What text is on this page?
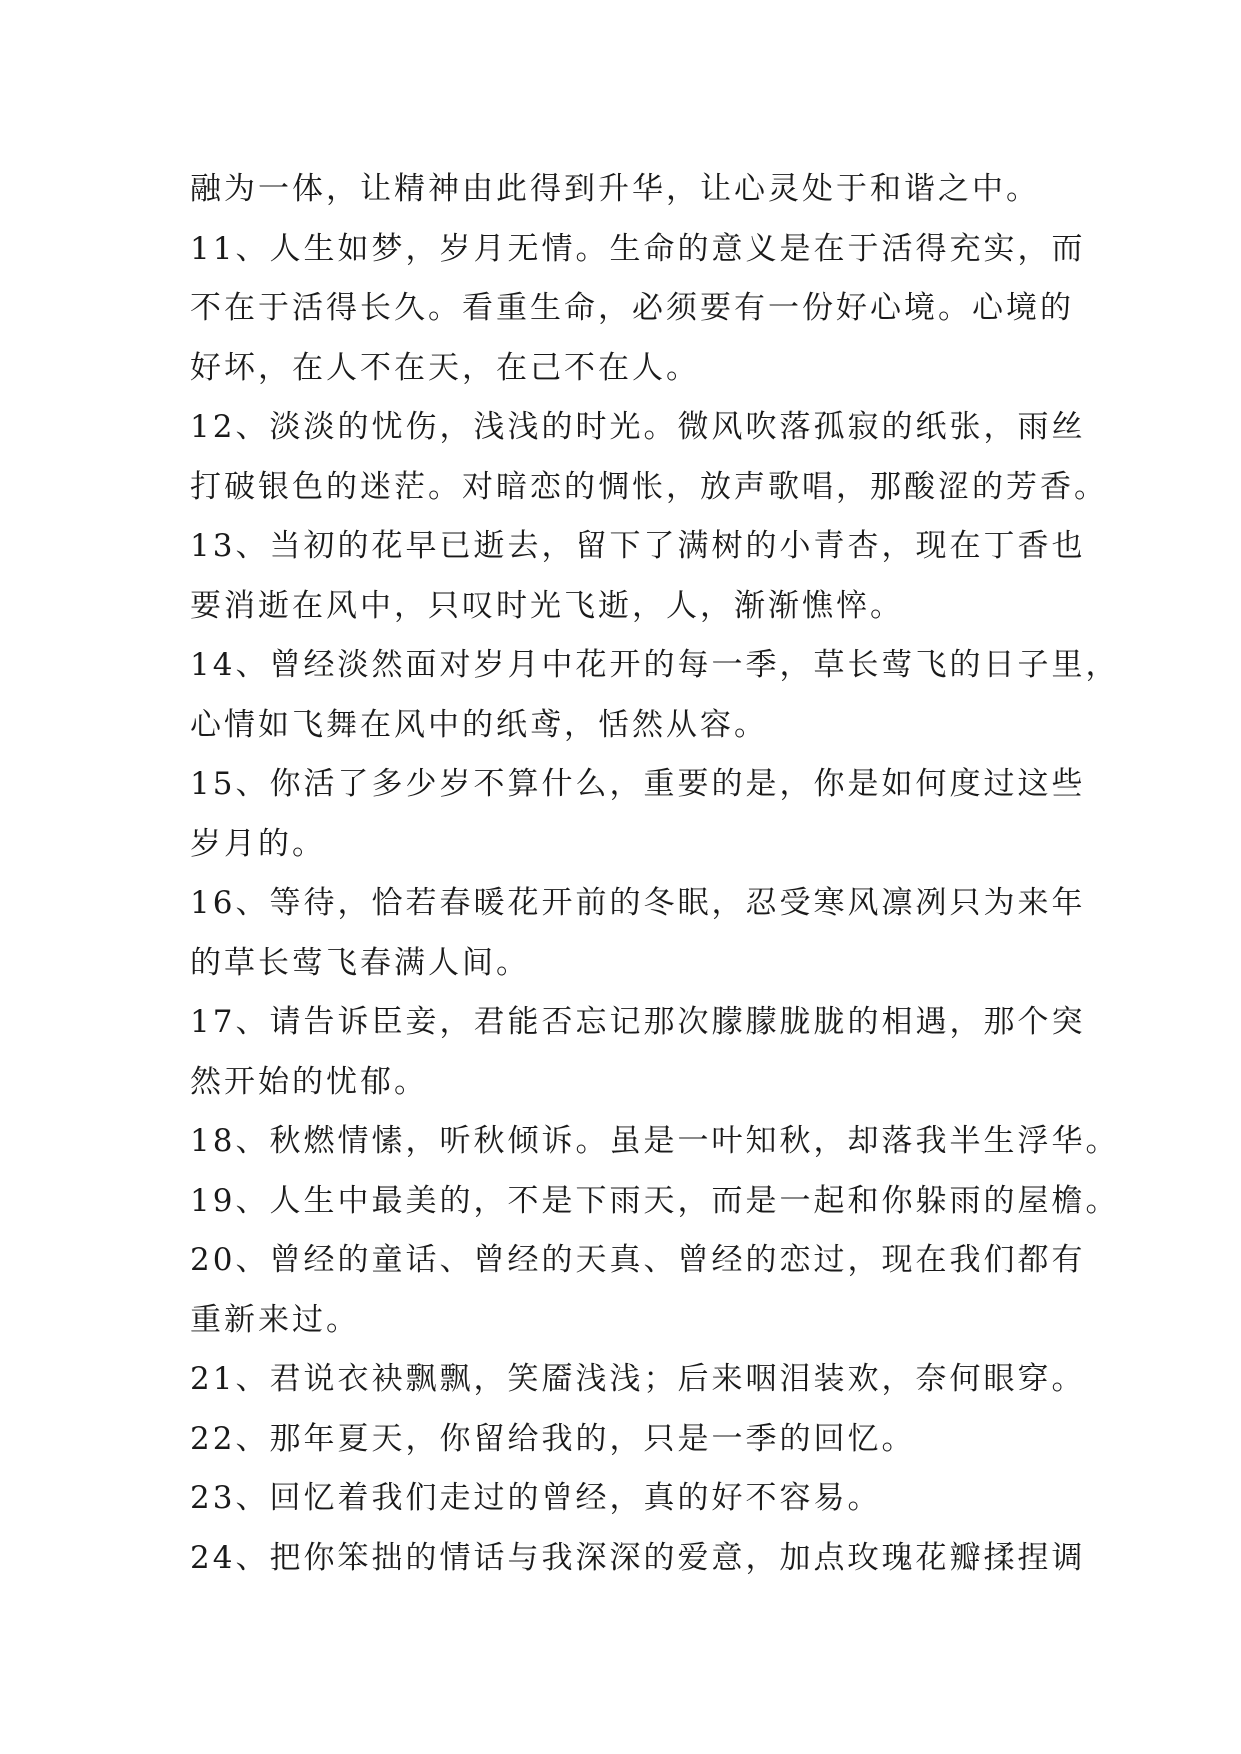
融为一体，让精神由此得到升华，让心灵处于和谐之中。
11、人生如梦，岁月无情。生命的意义是在于活得充实，而
不在于活得长久。看重生命，必须要有一份好心境。心境的
好坏，在人不在天，在己不在人。
12、淡淡的忧伤，浅浅的时光。微风吹落孤寂的纸张，雨丝
打破银色的迷茫。对暗恋的惆怅，放声歌唱，那酸涩的芳香。
13、当初的花早已逝去，留下了满树的小青杏，现在丁香也
要消逝在风中，只叹时光飞逝，人，渐渐憔悴。
14、曾经淡然面对岁月中花开的每一季，草长莺飞的日子里，
心情如飞舞在风中的纸鸢，恬然从容。
15、你活了多少岁不算什么，重要的是，你是如何度过这些
岁月的。
16、等待，恰若春暖花开前的冬眠，忍受寒风凛冽只为来年
的草长莺飞春满人间。
17、请告诉臣妾，君能否忘记那次朦朦胧胧的相遇，那个突
然开始的忧郁。
18、秋燃情愫，听秋倾诉。虽是一叶知秋，却落我半生浮华。
19、人生中最美的，不是下雨天，而是一起和你躲雨的屋檐。
20、曾经的童话、曾经的天真、曾经的恋过，现在我们都有
重新来过。
21、君说衣袂飘飘，笑靥浅浅；后来咽泪装欢，奈何眼穿。
22、那年夏天，你留给我的，只是一季的回忆。
23、回忆着我们走过的曾经，真的好不容易。
24、把你笨拙的情话与我深深的爱意，加点玫瑰花瓣揉捏调
